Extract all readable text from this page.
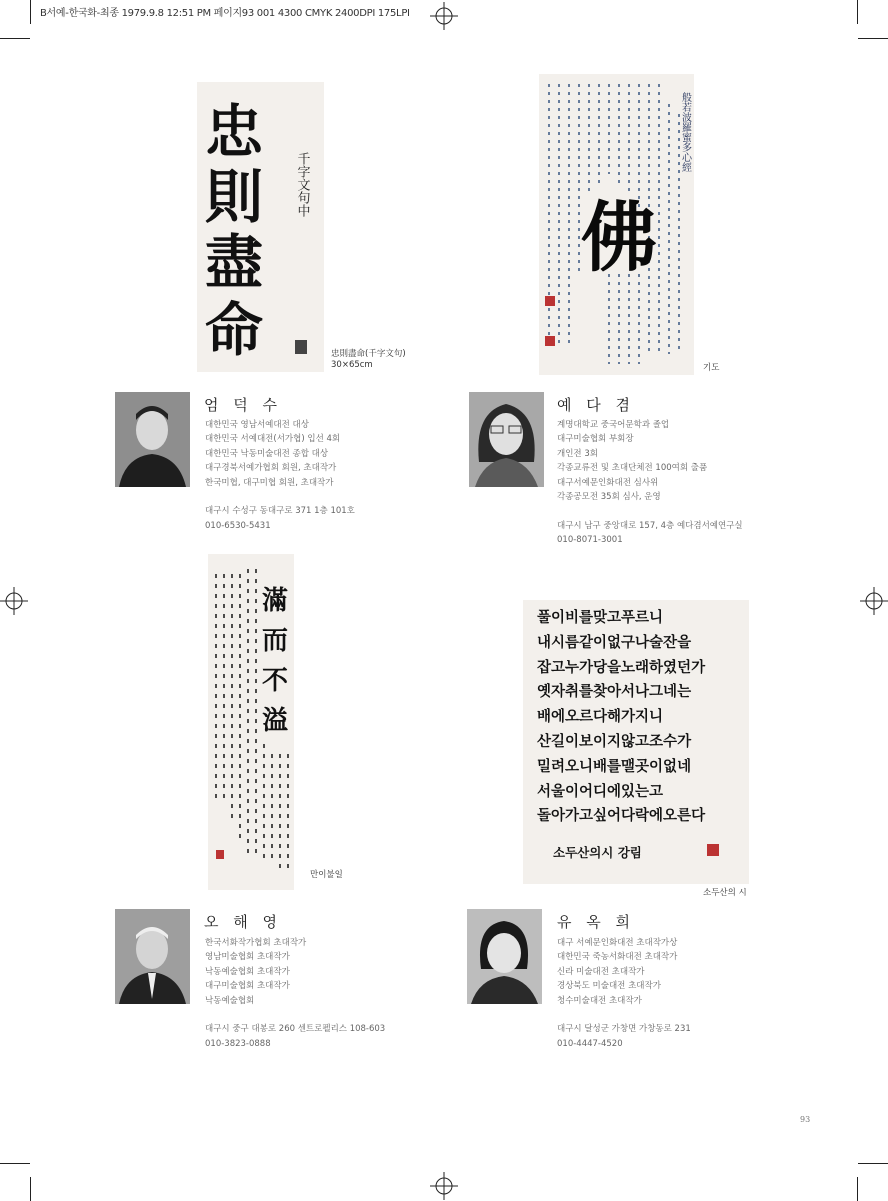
B서예-한국화-최종 1979.9.8 12:51 PM 페이지93 001 4300 CMYK 2400DPI 175LPI
忠
則
盡
命
千字文句中
忠則盡命(千字文句)
30×65cm
般若波羅蜜多心經
佛
기도
엄 덕 수
대한민국 영남서예대전 대상
대한민국 서예대전(서가협) 입선 4회
대한민국 낙동미술대전 종합 대상
대구경북서예가협회 회원, 초대작가
한국미협, 대구미협 회원, 초대작가
대구시 수성구 동대구로 371 1층 101호
010-6530-5431
예 다 겸
계명대학교 중국어문학과 졸업
대구미술협회 부회장
개인전 3회
각종교류전 및 초대단체전 100여회 출품
대구서예문인화대전 심사위
각종공모전 35회 심사, 운영
대구시 남구 중앙대로 157, 4층 예다겸서예연구실
010-8071-3001
滿
而
不
溢
만이불일
풀이비를맞고푸르니
내시름같이없구나술잔을
잡고누가당을노래하였던가
옛자취를찾아서나그네는
배에오르다해가지니
산길이보이지않고조수가
밀려오니배를맬곳이없네
서울이어디에있는고
돌아가고싶어다락에오른다
소두산의시 강림
소두산의 시
오 해 영
한국서화작가협회 초대작가
영남미술협회 초대작가
낙동예술협회 초대작가
대구미술협회 초대작가
낙동예술협회
대구시 중구 대봉로 260 센트로펠리스 108-603
010-3823-0888
유 옥 희
대구 서예문인화대전 초대작가상
대한민국 죽농서화대전 초대작가
신라 미술대전 초대작가
경상북도 미술대전 초대작가
청수미술대전 초대작가
대구시 달성군 가창면 가창동로 231
010-4447-4520
93
